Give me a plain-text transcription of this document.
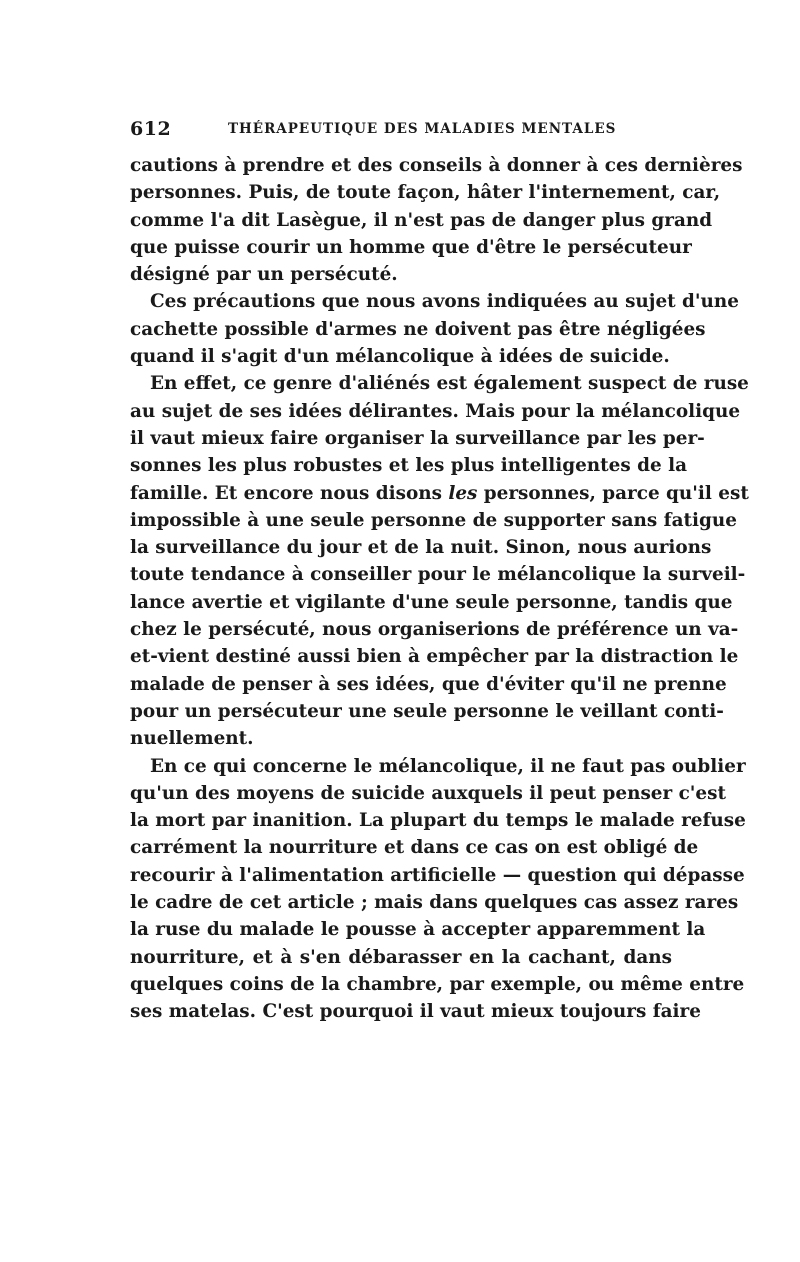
612	THÉRAPEUTIQUE DES MALADIES MENTALES
cautions à prendre et des conseils à donner à ces dernières
personnes. Puis, de toute façon, hâter l'internement, car,
comme l'a dit Lasègue, il n'est pas de danger plus grand
que puisse courir un homme que d'être le persécuteur
désigné par un persécuté.
Ces précautions que nous avons indiquées au sujet d'une
cachette possible d'armes ne doivent pas être négligées
quand il s'agit d'un mélancolique à idées de suicide.
En effet, ce genre d'aliénés est également suspect de ruse
au sujet de ses idées délirantes. Mais pour la mélancolique
il vaut mieux faire organiser la surveillance par les per-
sonnes les plus robustes et les plus intelligentes de la
famille. Et encore nous disons les personnes, parce qu'il est
impossible à une seule personne de supporter sans fatigue
la surveillance du jour et de la nuit. Sinon, nous aurions
toute tendance à conseiller pour le mélancolique la surveil-
lance avertie et vigilante d'une seule personne, tandis que
chez le persécuté, nous organiserions de préférence un va-
et-vient destiné aussi bien à empêcher par la distraction le
malade de penser à ses idées, que d'éviter qu'il ne prenne
pour un persécuteur une seule personne le veillant conti-
nuellement.
En ce qui concerne le mélancolique, il ne faut pas oublier
qu'un des moyens de suicide auxquels il peut penser c'est
la mort par inanition. La plupart du temps le malade refuse
carrément la nourriture et dans ce cas on est obligé de
recourir à l'alimentation artificielle — question qui dépasse
le cadre de cet article ; mais dans quelques cas assez rares
la ruse du malade le pousse à accepter apparemment la
nourriture, et à s'en débarasser en la cachant, dans
quelques coins de la chambre, par exemple, ou même entre
ses matelas. C'est pourquoi il vaut mieux toujours faire
